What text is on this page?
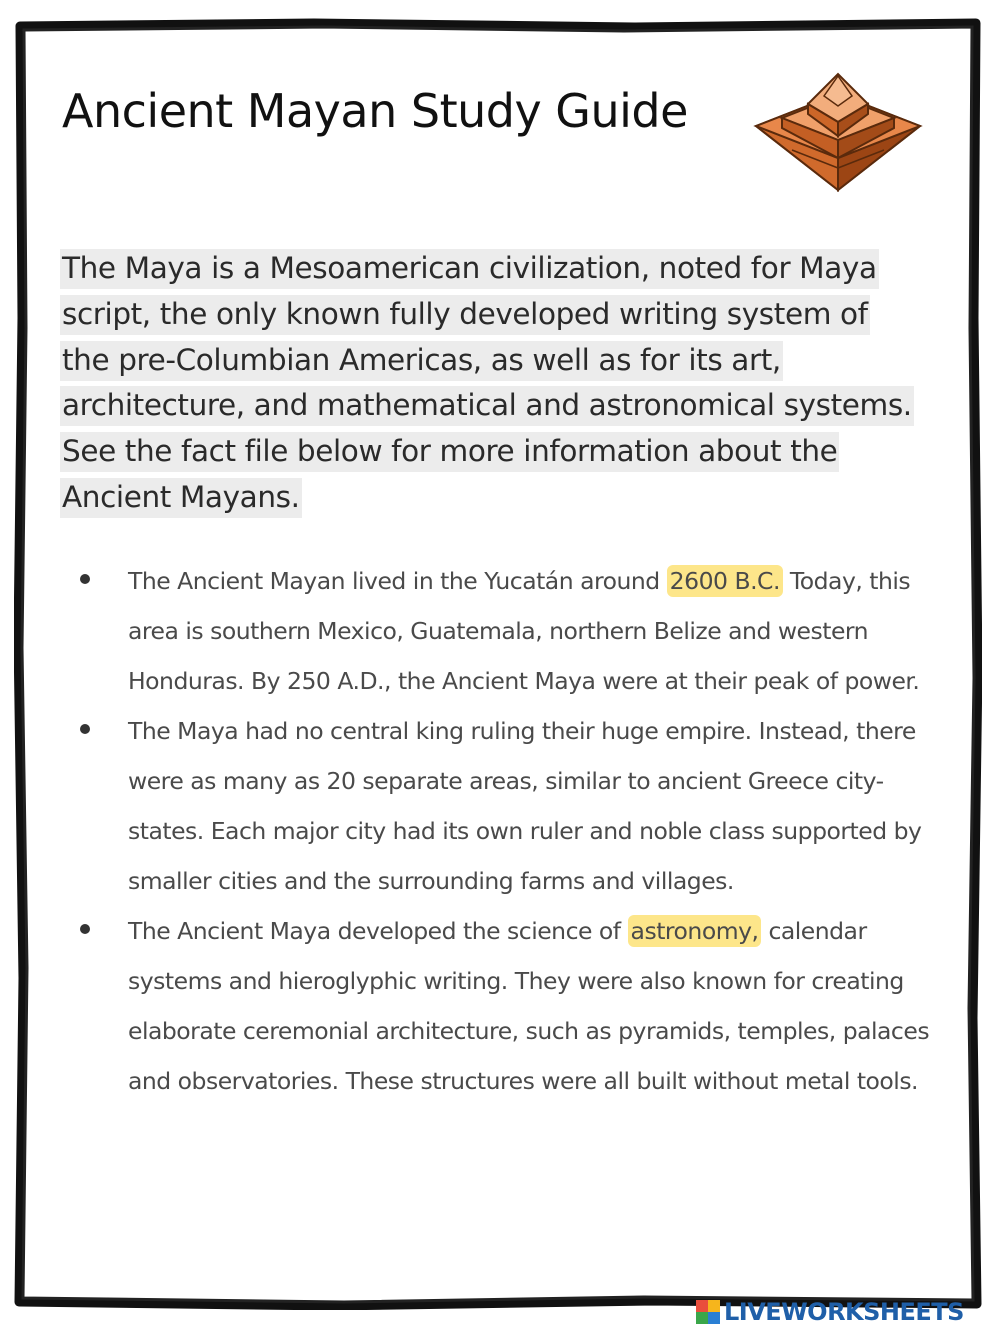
Ancient Mayan Study Guide

The Maya is a Mesoamerican civilization, noted for Maya script, the only known fully developed writing system of the pre-Columbian Americas, as well as for its art, architecture, and mathematical and astronomical systems. See the fact file below for more information about the Ancient Mayans.

The Ancient Mayan lived in the Yucatán around 2600 B.C. Today, this area is southern Mexico, Guatemala, northern Belize and western Honduras. By 250 A.D., the Ancient Maya were at their peak of power.
The Maya had no central king ruling their huge empire. Instead, there were as many as 20 separate areas, similar to ancient Greece city-states. Each major city had its own ruler and noble class supported by smaller cities and the surrounding farms and villages.
The Ancient Maya developed the science of astronomy, calendar systems and hieroglyphic writing. They were also known for creating elaborate ceremonial architecture, such as pyramids, temples, palaces and observatories. These structures were all built without metal tools.
LIVEWORKSHEETS
